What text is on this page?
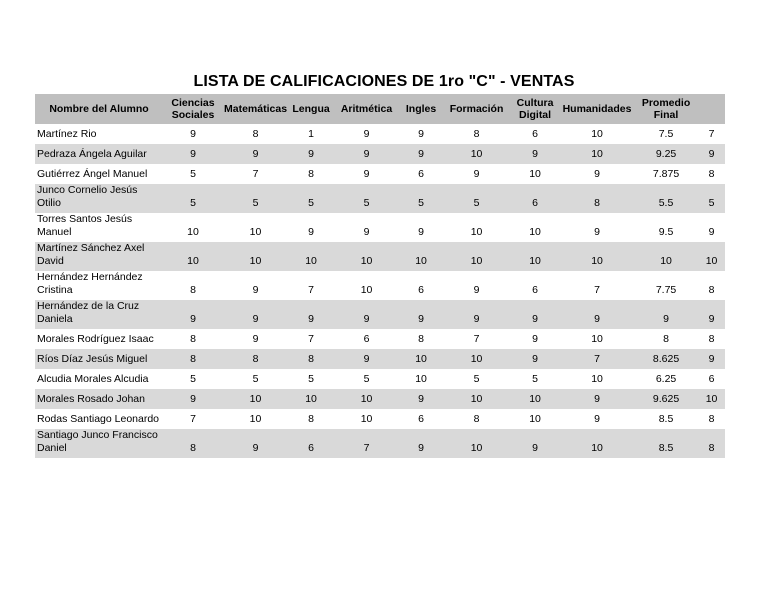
LISTA DE CALIFICACIONES DE 1ro "C" - VENTAS
Nombre del Alumno	Ciencias Sociales	Matemáticas	Lengua	Aritmética	Ingles	Formación	Cultura Digital	Humanidades	Promedio Final	
Martínez Rio	9	8	1	9	9	8	6	10	7.5	7
Pedraza Ángela Aguilar	9	9	9	9	9	10	9	10	9.25	9
Gutiérrez Ángel Manuel	5	7	8	9	6	9	10	9	7.875	8
Junco Cornelio Jesús Otilio	5	5	5	5	5	5	6	8	5.5	5
Torres Santos Jesús Manuel	10	10	9	9	9	10	10	9	9.5	9
Martínez Sánchez Axel David	10	10	10	10	10	10	10	10	10	10
Hernández Hernández Cristina	8	9	7	10	6	9	6	7	7.75	8
Hernández de la Cruz Daniela	9	9	9	9	9	9	9	9	9	9
Morales Rodríguez Isaac	8	9	7	6	8	7	9	10	8	8
Ríos Díaz Jesús Miguel	8	8	8	9	10	10	9	7	8.625	9
Alcudia Morales Alcudia	5	5	5	5	10	5	5	10	6.25	6
Morales Rosado Johan	9	10	10	10	9	10	10	9	9.625	10
Rodas Santiago Leonardo	7	10	8	10	6	8	10	9	8.5	8
Santiago Junco Francisco Daniel	8	9	6	7	9	10	9	10	8.5	8
